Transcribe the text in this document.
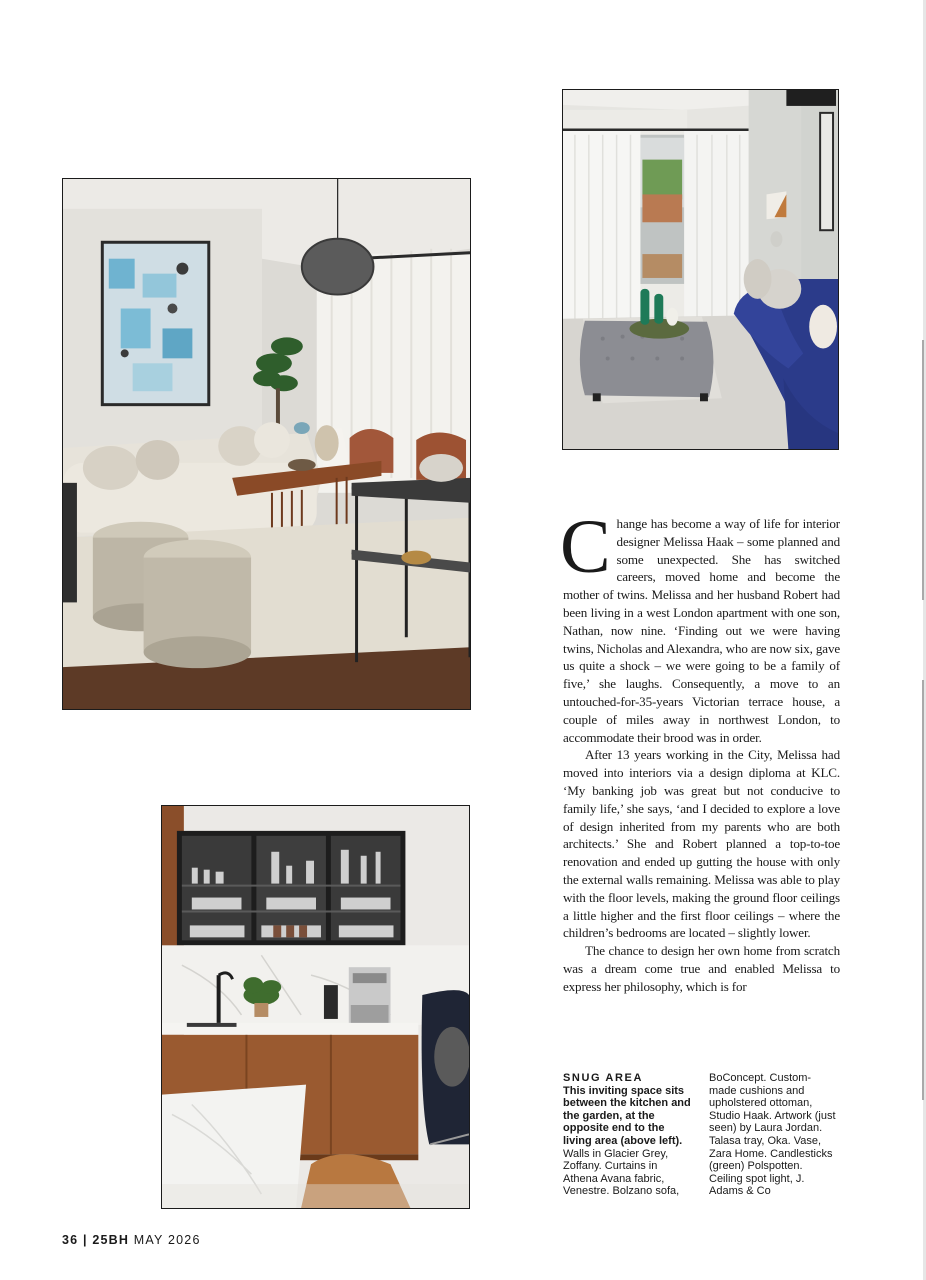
Change has become a way of life for interior designer Melissa Haak – some planned and some unexpected. She has switched careers, moved home and become the mother of twins. Melissa and her husband Robert had been living in a west London apartment with one son, Nathan, now nine. ‘Finding out we were having twins, Nicholas and Alexandra, who are now six, gave us quite a shock – we were going to be a family of five,’ she laughs. Consequently, a move to an untouched-for-35-years Victorian terrace house, a couple of miles away in northwest London, to accommodate their brood was in order.

After 13 years working in the City, Melissa had moved into interiors via a design diploma at KLC. ‘My banking job was great but not conducive to family life,’ she says, ‘and I decided to explore a love of design inherited from my parents who are both architects.’ She and Robert planned a top-to-toe renovation and ended up gutting the house with only the external walls remaining. Melissa was able to play with the floor levels, making the ground floor ceilings a little higher and the first floor ceilings – where the children’s bedrooms are located – slightly lower.

The chance to design her own home from scratch was a dream come true and enabled Melissa to express her philosophy, which is for

SNUG AREA
This inviting space sits between the kitchen and the garden, at the opposite end to the living area (above left). Walls in Glacier Grey, Zoffany. Curtains in Athena Avana fabric, Venestre. Bolzano sofa,
BoConcept. Custom-made cushions and upholstered ottoman, Studio Haak. Artwork (just seen) by Laura Jordan. Talasa tray, Oka. Vase, Zara Home. Candlesticks (green) Polspotten. Ceiling spot light, J. Adams & Co
36 | 25BH MAY 2026
